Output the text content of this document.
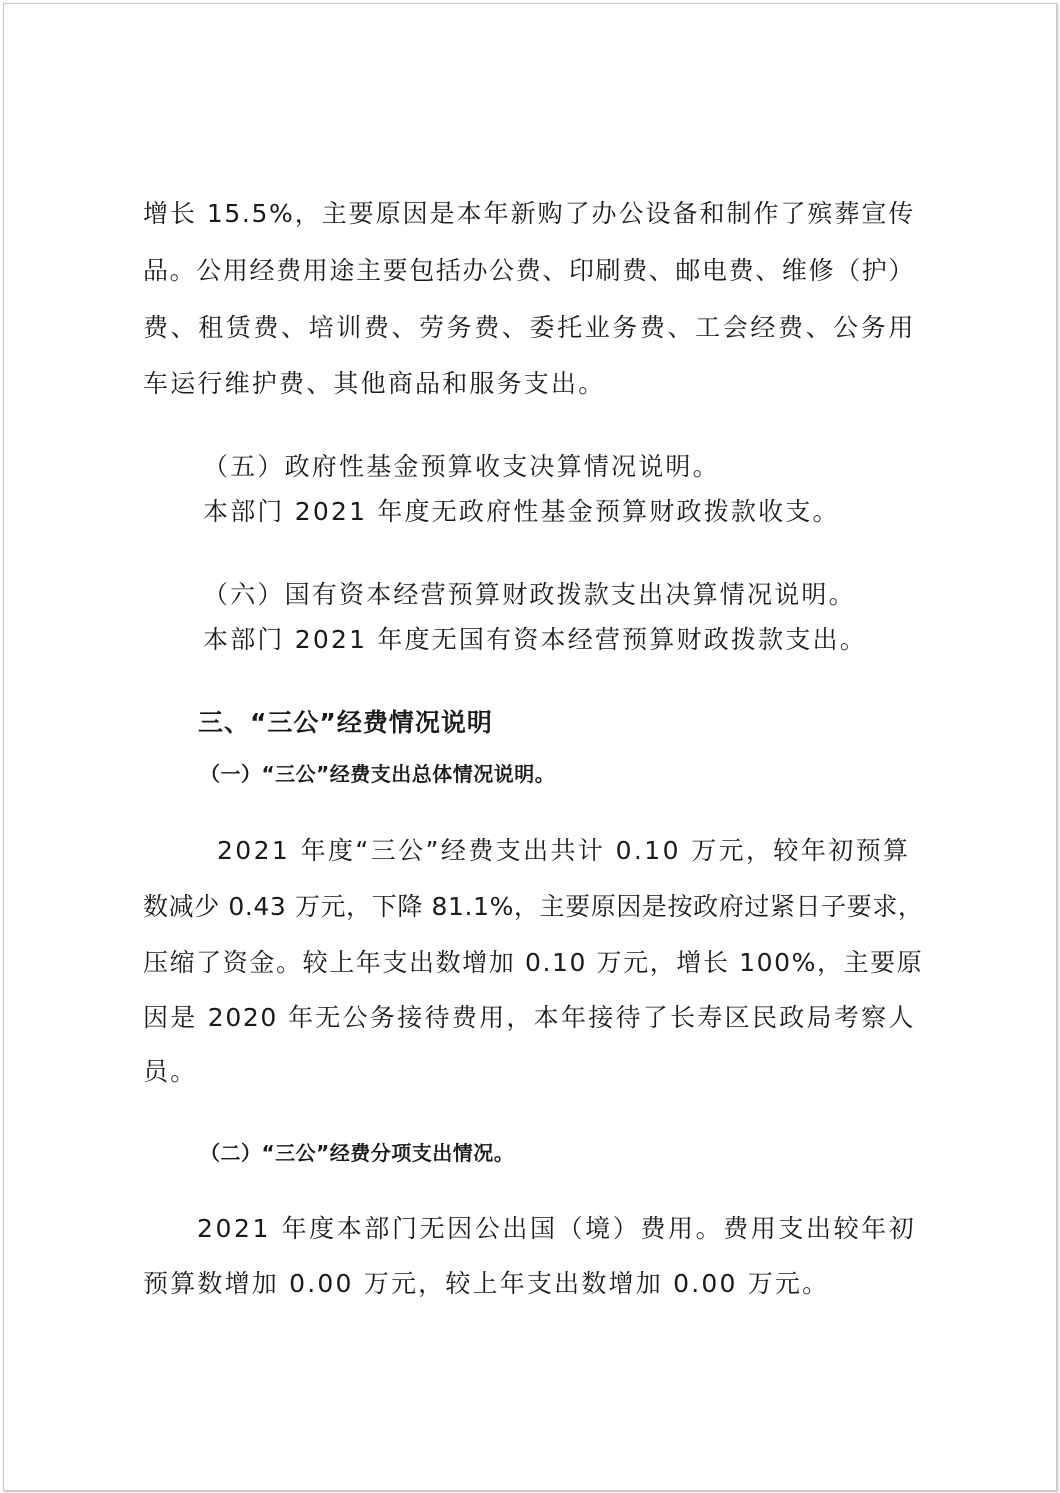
增长 15.5%，主要原因是本年新购了办公设备和制作了殡葬宣传
品。公用经费用途主要包括办公费、印刷费、邮电费、维修（护）
费、租赁费、培训费、劳务费、委托业务费、工会经费、公务用
车运行维护费、其他商品和服务支出。
（五）政府性基金预算收支决算情况说明。
本部门 2021 年度无政府性基金预算财政拨款收支。
（六）国有资本经营预算财政拨款支出决算情况说明。
本部门 2021 年度无国有资本经营预算财政拨款支出。
三、“三公”经费情况说明
（一）“三公”经费支出总体情况说明。
2021 年度“三公”经费支出共计 0.10 万元，较年初预算
数减少 0.43 万元，下降 81.1%，主要原因是按政府过紧日子要求，
压缩了资金。较上年支出数增加 0.10 万元，增长 100%，主要原
因是 2020 年无公务接待费用，本年接待了长寿区民政局考察人
员。
（二）“三公”经费分项支出情况。
2021 年度本部门无因公出国（境）费用。费用支出较年初
预算数增加 0.00 万元，较上年支出数增加 0.00 万元。
